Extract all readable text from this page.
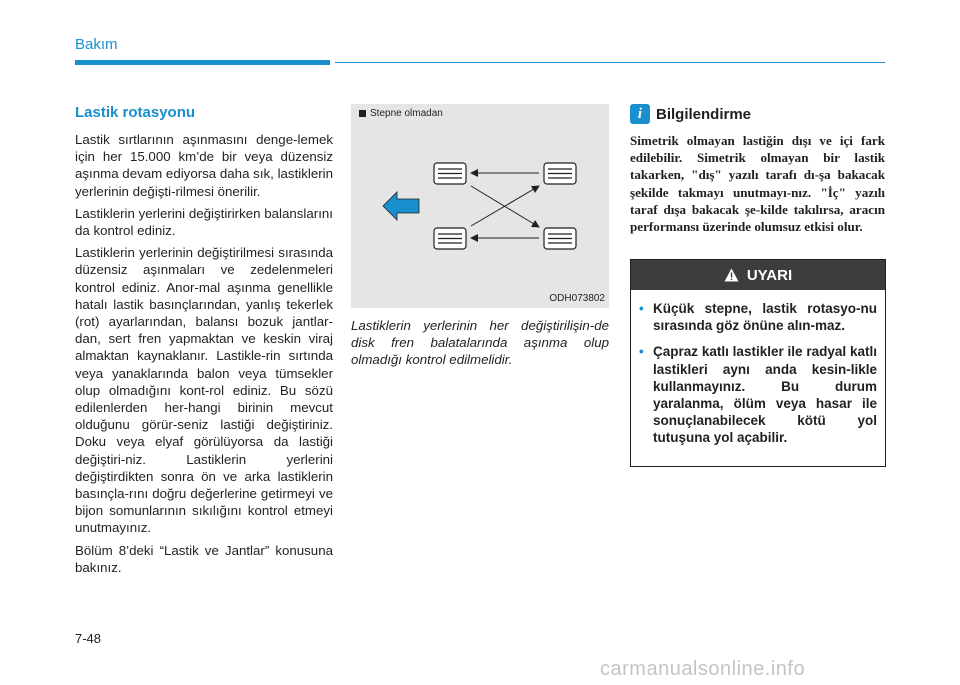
Bakım
Lastik rotasyonu

Lastik sırtlarının aşınmasını denge-lemek için her 15.000 km’de bir veya düzensiz aşınma devam ediyorsa daha sık, lastiklerin yerlerinin değişti-rilmesi önerilir.

Lastiklerin yerlerini değiştirirken balanslarını da kontrol ediniz.

Lastiklerin yerlerinin değiştirilmesi sırasında düzensiz aşınmaları ve zedelenmeleri kontrol ediniz. Anor-mal aşınma genellikle hatalı lastik basınçlarından, yanlış tekerlek (rot) ayarlarından, balansı bozuk jantlar-dan, sert fren yapmaktan ve keskin viraj almaktan kaynaklanır. Lastikle-rin sırtında veya yanaklarında balon veya tümsekler olup olmadığını kont-rol ediniz. Bu sözü edilenlerden her-hangi birinin mevcut olduğunu görür-seniz lastiği değiştiriniz. Doku veya elyaf görülüyorsa da lastiği değiştiri-niz. Lastiklerin yerlerini değiştirdikten sonra ön ve arka lastiklerin basınçla-rını doğru değerlerine getirmeyi ve bijon somunlarının sıkılığını kontrol etmeyi unutmayınız.

Bölüm 8’deki “Lastik ve Jantlar” konusuna bakınız.

Stepne olmadan
ODH073802

Lastiklerin yerlerinin her değiştirilişin-de disk fren balatalarında aşınma olup olmadığı kontrol edilmelidir.

i Bilgilendirme

Simetrik olmayan lastiğin dışı ve içi fark edilebilir. Simetrik olmayan bir lastik takarken, "dış" yazılı tarafı dı-şa bakacak şekilde takmayı unutmayı-nız. "İç" yazılı taraf dışa bakacak şe-kilde takılırsa, aracın performansı üzerinde olumsuz etkisi olur.

UYARI
• Küçük stepne, lastik rotasyo-nu sırasında göz önüne alın-maz.
• Çapraz katlı lastikler ile radyal katlı lastikleri aynı anda kesin-likle kullanmayınız. Bu durum yaralanma, ölüm veya hasar ile sonuçlanabilecek kötü yol tutuşuna yol açabilir.
7-48
carmanualsonline.info
